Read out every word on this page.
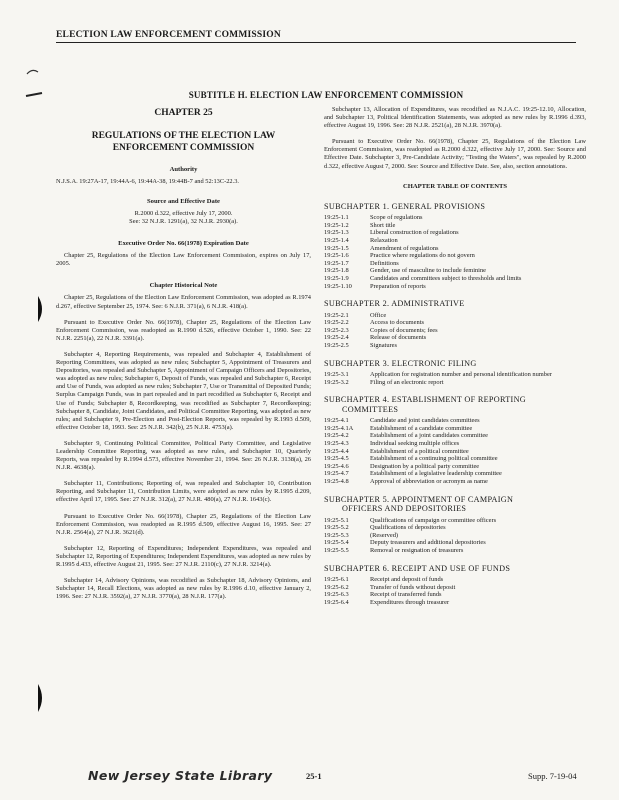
ELECTION LAW ENFORCEMENT COMMISSION
SUBTITLE H. ELECTION LAW ENFORCEMENT COMMISSION
CHAPTER 25
REGULATIONS OF THE ELECTION LAW
ENFORCEMENT COMMISSION
Authority

N.J.S.A. 19:27A-17, 19:44A-6, 19:44A-38, 19:44B-7 and 52:13C-22.3.

Source and Effective Date

R.2000 d.322, effective July 17, 2000.

See: 32 N.J.R. 1291(a), 32 N.J.R. 2930(a).

Executive Order No. 66(1978) Expiration Date

Chapter 25, Regulations of the Election Law Enforcement Commission, expires on July 17, 2005.

Chapter Historical Note

Chapter 25, Regulations of the Election Law Enforcement Commission, was adopted as R.1974 d.267, effective September 25, 1974. See: 6 N.J.R. 371(a), 6 N.J.R. 418(a).

Pursuant to Executive Order No. 66(1978), Chapter 25, Regulations of the Election Law Enforcement Commission, was readopted as R.1990 d.526, effective October 1, 1990. See: 22 N.J.R. 2251(a), 22 N.J.R. 3391(a).

Subchapter 4, Reporting Requirements, was repealed and Subchapter 4, Establishment of Reporting Committees, was adopted as new rules; Subchapter 5, Appointment of Treasurers and Depositories, was repealed and Subchapter 5, Appointment of Campaign Officers and Depositories, was adopted as new rules; Subchapter 6, Deposit of Funds, was repealed and Subchapter 6, Receipt and Use of Funds, was adopted as new rules; Subchapter 7, Use or Transmittal of Deposited Funds; Surplus Campaign Funds, was in part repealed and in part recodified as Subchapter 6, Receipt and Use of Funds; Subchapter 8, Recordkeeping, was recodified as Subchapter 7, Recordkeeping; Subchapter 8, Candidate, Joint Candidates, and Political Committee Reporting, was adopted as new rules; and Subchapter 9, Pre-Election and Post-Election Reports, was repealed by R.1993 d.509, effective October 18, 1993. See: 25 N.J.R. 342(b), 25 N.J.R. 4753(a).

Subchapter 9, Continuing Political Committee, Political Party Committee, and Legislative Leadership Committee Reporting, was adopted as new rules, and Subchapter 10, Quarterly Reports, was repealed by R.1994 d.573, effective November 21, 1994. See: 26 N.J.R. 3138(a), 26 N.J.R. 4638(a).

Subchapter 11, Contributions; Reporting of, was repealed and Subchapter 10, Contribution Reporting, and Subchapter 11, Contribution Limits, were adopted as new rules by R.1995 d.209, effective April 17, 1995. See: 27 N.J.R. 312(a), 27 N.J.R. 480(a), 27 N.J.R. 1643(c).

Pursuant to Executive Order No. 66(1978), Chapter 25, Regulations of the Election Law Enforcement Commission, was readopted as R.1995 d.509, effective August 16, 1995. See: 27 N.J.R. 2564(a), 27 N.J.R. 3621(d).

Subchapter 12, Reporting of Expenditures; Independent Expenditures, was repealed and Subchapter 12, Reporting of Expenditures; Independent Expenditures, was adopted as new rules by R.1995 d.433, effective August 21, 1995. See: 27 N.J.R. 2110(c), 27 N.J.R. 3214(a).

Subchapter 14, Advisory Opinions, was recodified as Subchapter 18, Advisory Opinions, and Subchapter 14, Recall Elections, was adopted as new rules by R.1996 d.10, effective January 2, 1996. See: 27 N.J.R. 3592(a), 27 N.J.R. 3770(a), 28 N.J.R. 177(a).

Subchapter 13, Allocation of Expenditures, was recodified as N.J.A.C. 19:25-12.10, Allocation, and Subchapter 13, Political Identification Statements, was adopted as new rules by R.1996 d.393, effective August 19, 1996. See: 28 N.J.R. 2521(a), 28 N.J.R. 3970(a).

Pursuant to Executive Order No. 66(1978), Chapter 25, Regulations of the Election Law Enforcement Commission, was readopted as R.2000 d.322, effective July 17, 2000. See: Source and Effective Date. Subchapter 3, Pre-Candidate Activity; "Testing the Waters", was repealed by R.2000 d.322, effective August 7, 2000. See: Source and Effective Date. See, also, section annotations.

CHAPTER TABLE OF CONTENTS
SUBCHAPTER 1. GENERAL PROVISIONS
19:25-1.1	Scope of regulations
19:25-1.2	Short title
19:25-1.3	Liberal construction of regulations
19:25-1.4	Relaxation
19:25-1.5	Amendment of regulations
19:25-1.6	Practice where regulations do not govern
19:25-1.7	Definitions
19:25-1.8	Gender, use of masculine to include feminine
19:25-1.9	Candidates and committees subject to thresholds and limits
19:25-1.10	Preparation of reports
SUBCHAPTER 2. ADMINISTRATIVE
19:25-2.1	Office
19:25-2.2	Access to documents
19:25-2.3	Copies of documents; fees
19:25-2.4	Release of documents
19:25-2.5	Signatures
SUBCHAPTER 3. ELECTRONIC FILING
19:25-3.1	Application for registration number and personal identification number
19:25-3.2	Filing of an electronic report
SUBCHAPTER 4. ESTABLISHMENT OF REPORTING
COMMITTEES
19:25-4.1	Candidate and joint candidates committees
19:25-4.1A	Establishment of a candidate committee
19:25-4.2	Establishment of a joint candidates committee
19:25-4.3	Individual seeking multiple offices
19:25-4.4	Establishment of a political committee
19:25-4.5	Establishment of a continuing political committee
19:25-4.6	Designation by a political party committee
19:25-4.7	Establishment of a legislative leadership committee
19:25-4.8	Approval of abbreviation or acronym as name
SUBCHAPTER 5. APPOINTMENT OF CAMPAIGN
OFFICERS AND DEPOSITORIES
19:25-5.1	Qualifications of campaign or committee officers
19:25-5.2	Qualifications of depositories
19:25-5.3	(Reserved)
19:25-5.4	Deputy treasurers and additional depositories
19:25-5.5	Removal or resignation of treasurers
SUBCHAPTER 6. RECEIPT AND USE OF FUNDS
19:25-6.1	Receipt and deposit of funds
19:25-6.2	Transfer of funds without deposit
19:25-6.3	Receipt of transferred funds
19:25-6.4	Expenditures through treasurer
New Jersey State Library	25-1	Supp. 7-19-04
